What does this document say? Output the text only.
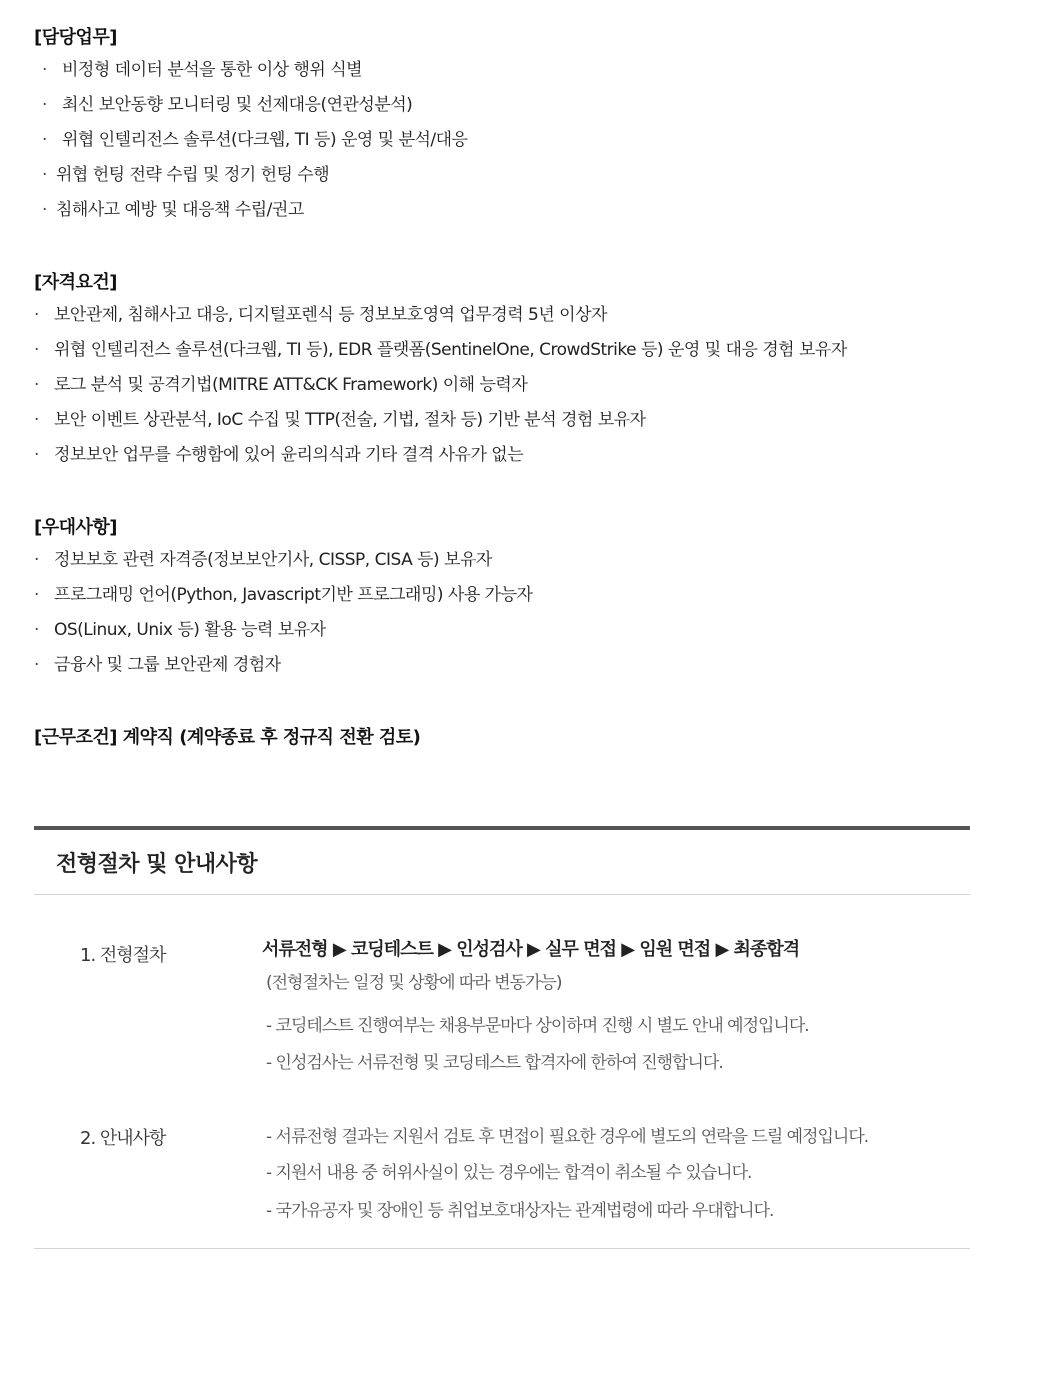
[담당업무]
· 비정형 데이터 분석을 통한 이상 행위 식별
· 최신 보안동향 모니터링 및 선제대응(연관성분석)
· 위협 인텔리전스 솔루션(다크웹, TI 등) 운영 및 분석/대응
· 위협 헌팅 전략 수립 및 정기 헌팅 수행
· 침해사고 예방 및 대응책 수립/권고
[자격요건]
· 보안관제, 침해사고 대응, 디지털포렌식 등 정보보호영역 업무경력 5년 이상자
· 위협 인텔리전스 솔루션(다크웹, TI 등), EDR 플랫폼(SentinelOne, CrowdStrike 등) 운영 및 대응 경험 보유자
· 로그 분석 및 공격기법(MITRE ATT&CK Framework) 이해 능력자
· 보안 이벤트 상관분석, IoC 수집 및 TTP(전술, 기법, 절차 등) 기반 분석 경험 보유자
· 정보보안 업무를 수행함에 있어 윤리의식과 기타 결격 사유가 없는
[우대사항]
· 정보보호 관련 자격증(정보보안기사, CISSP, CISA 등) 보유자
· 프로그래밍 언어(Python, Javascript기반 프로그래밍) 사용 가능자
· OS(Linux, Unix 등) 활용 능력 보유자
· 금융사 및 그룹 보안관제 경험자
[근무조건] 계약직 (계약종료 후 정규직 전환 검토)
전형절차 및 안내사항
1. 전형절차	서류전형 ▶ 코딩테스트 ▶ 인성검사 ▶ 실무 면접 ▶ 임원 면접 ▶ 최종합격
(전형절차는 일정 및 상황에 따라 변동가능)
- 코딩테스트 진행여부는 채용부문마다 상이하며 진행 시 별도 안내 예정입니다.
- 인성검사는 서류전형 및 코딩테스트 합격자에 한하여 진행합니다.
2. 안내사항	- 서류전형 결과는 지원서 검토 후 면접이 필요한 경우에 별도의 연락을 드릴 예정입니다.
- 지원서 내용 중 허위사실이 있는 경우에는 합격이 취소될 수 있습니다.
- 국가유공자 및 장애인 등 취업보호대상자는 관계법령에 따라 우대합니다.
